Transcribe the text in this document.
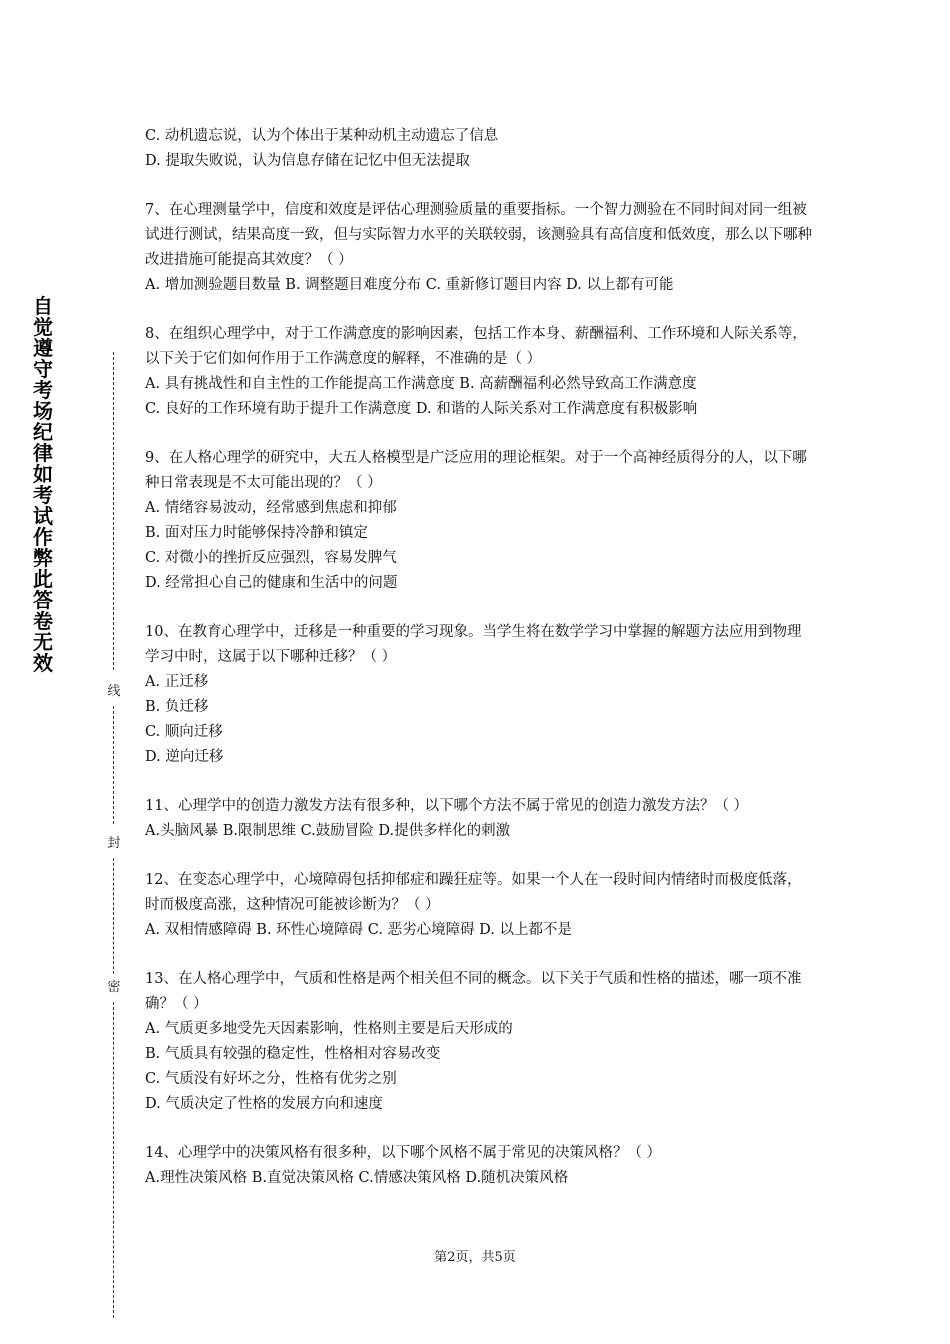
自觉遵守考场纪律如考试作弊此答卷无效
线
封
密

C. 动机遗忘说，认为个体出于某种动机主动遗忘了信息

D. 提取失败说，认为信息存储在记忆中但无法提取

7、在心理测量学中，信度和效度是评估心理测验质量的重要指标。一个智力测验在不同时间对同一组被试进行测试，结果高度一致，但与实际智力水平的关联较弱，该测验具有高信度和低效度，那么以下哪种改进措施可能提高其效度？（ ）

A. 增加测验题目数量 B. 调整题目难度分布 C. 重新修订题目内容 D. 以上都有可能

8、在组织心理学中，对于工作满意度的影响因素，包括工作本身、薪酬福利、工作环境和人际关系等，以下关于它们如何作用于工作满意度的解释，不准确的是（ ）

A. 具有挑战性和自主性的工作能提高工作满意度 B. 高薪酬福利必然导致高工作满意度

C. 良好的工作环境有助于提升工作满意度 D. 和谐的人际关系对工作满意度有积极影响

9、在人格心理学的研究中，大五人格模型是广泛应用的理论框架。对于一个高神经质得分的人，以下哪种日常表现是不太可能出现的？（ ）

A. 情绪容易波动，经常感到焦虑和抑郁

B. 面对压力时能够保持冷静和镇定

C. 对微小的挫折反应强烈，容易发脾气

D. 经常担心自己的健康和生活中的问题

10、在教育心理学中，迁移是一种重要的学习现象。当学生将在数学学习中掌握的解题方法应用到物理学习中时，这属于以下哪种迁移？（ ）

A. 正迁移

B. 负迁移

C. 顺向迁移

D. 逆向迁移

11、心理学中的创造力激发方法有很多种，以下哪个方法不属于常见的创造力激发方法？（ ）

A.头脑风暴 B.限制思维 C.鼓励冒险 D.提供多样化的刺激

12、在变态心理学中，心境障碍包括抑郁症和躁狂症等。如果一个人在一段时间内情绪时而极度低落，时而极度高涨，这种情况可能被诊断为？（ ）

A. 双相情感障碍 B. 环性心境障碍 C. 恶劣心境障碍 D. 以上都不是

13、在人格心理学中，气质和性格是两个相关但不同的概念。以下关于气质和性格的描述，哪一项不准确？（ ）

A. 气质更多地受先天因素影响，性格则主要是后天形成的

B. 气质具有较强的稳定性，性格相对容易改变

C. 气质没有好坏之分，性格有优劣之别

D. 气质决定了性格的发展方向和速度

14、心理学中的决策风格有很多种，以下哪个风格不属于常见的决策风格？（ ）

A.理性决策风格 B.直觉决策风格 C.情感决策风格 D.随机决策风格

第2页，共5页
